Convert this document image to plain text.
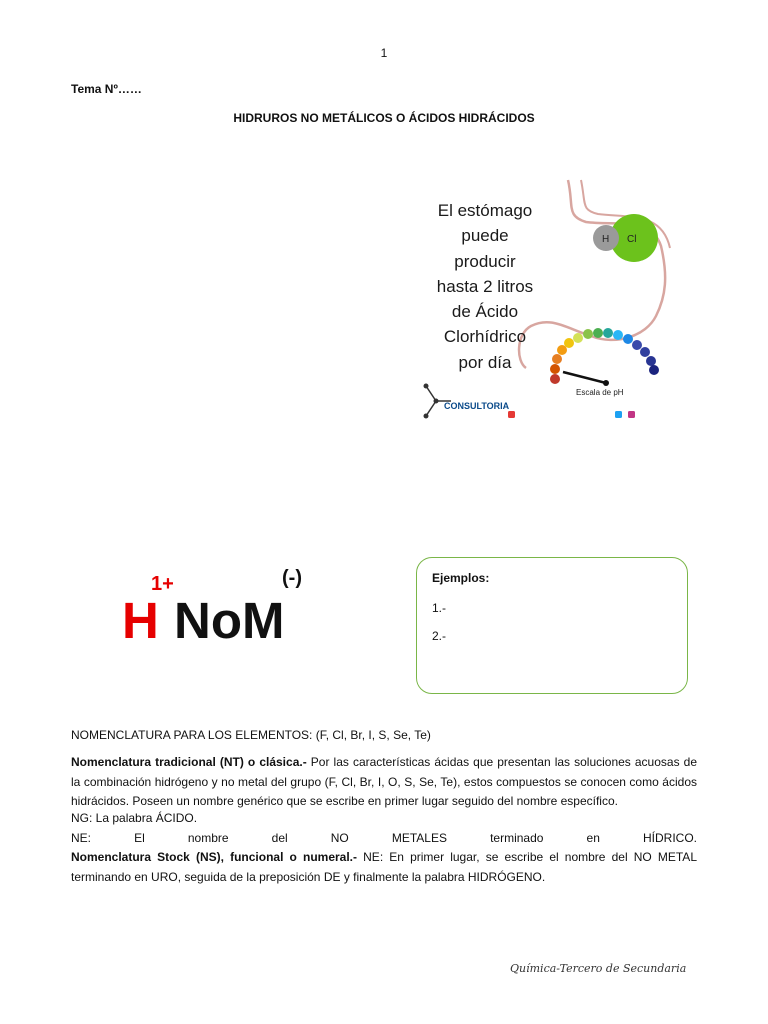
1
Tema Nº……
HIDRUROS NO METÁLICOS O ÁCIDOS HIDRÁCIDOS
H Cl
CONSULTORIA
El estómago
puede
producir
hasta 2 litros
de Ácido
Clorhídrico
por día
Escala de pH
1+	(-)
H NoM
Ejemplos:
1.-
2.-
NOMENCLATURA PARA LOS ELEMENTOS: (F, Cl, Br, I, S, Se, Te)
Nomenclatura tradicional (NT) o clásica.- Por las características ácidas que presentan las soluciones acuosas de la combinación hidrógeno y no metal del grupo (F, Cl, Br, I, O, S, Se, Te), estos compuestos se conocen como ácidos hidrácidos. Poseen un nombre genérico que se escribe en primer lugar seguido del nombre específico.
NG: La palabra ÁCIDO.
NE:	El	nombre	del	NO	METALES	terminado	en	HÍDRICO.
Nomenclatura Stock (NS), funcional o numeral.- NE: En primer lugar, se escribe el nombre del NO METAL terminando en URO, seguida de la preposición DE y finalmente la palabra HIDRÓGENO.
Química-Tercero de Secundaria
